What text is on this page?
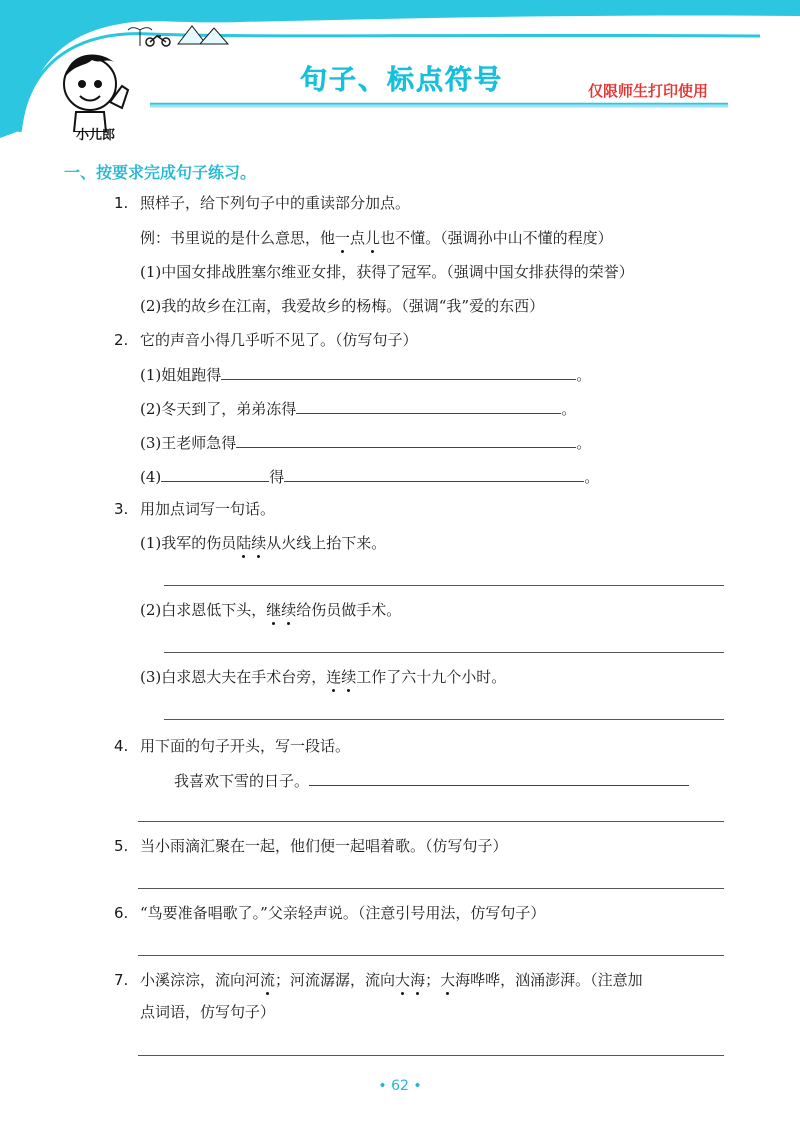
小儿郎
句子、标点符号	仅限师生打印使用
一、按要求完成句子练习。
1. 照样子，给下列句子中的重读部分加点。
例：书里说的是什么意思，他一点儿也不懂。（强调孙中山不懂的程度）
(1)中国女排战胜塞尔维亚女排，获得了冠军。（强调中国女排获得的荣誉）
(2)我的故乡在江南，我爱故乡的杨梅。（强调“我”爱的东西）
2. 它的声音小得几乎听不见了。（仿写句子）
(1)姐姐跑得	。
(2)冬天到了，弟弟冻得	。
(3)王老师急得	。
(4)	得	。
3. 用加点词写一句话。
(1)我军的伤员陆续从火线上抬下来。
(2)白求恩低下头，继续给伤员做手术。
(3)白求恩大夫在手术台旁，连续工作了六十九个小时。
4. 用下面的句子开头，写一段话。
我喜欢下雪的日子。
5. 当小雨滴汇聚在一起，他们便一起唱着歌。（仿写句子）
6. “鸟要准备唱歌了。”父亲轻声说。（注意引号用法，仿写句子）
7. 小溪淙淙，流向河流；河流潺潺，流向大海；大海哗哗，汹涌澎湃。（注意加
点词语，仿写句子）
• 62 •
